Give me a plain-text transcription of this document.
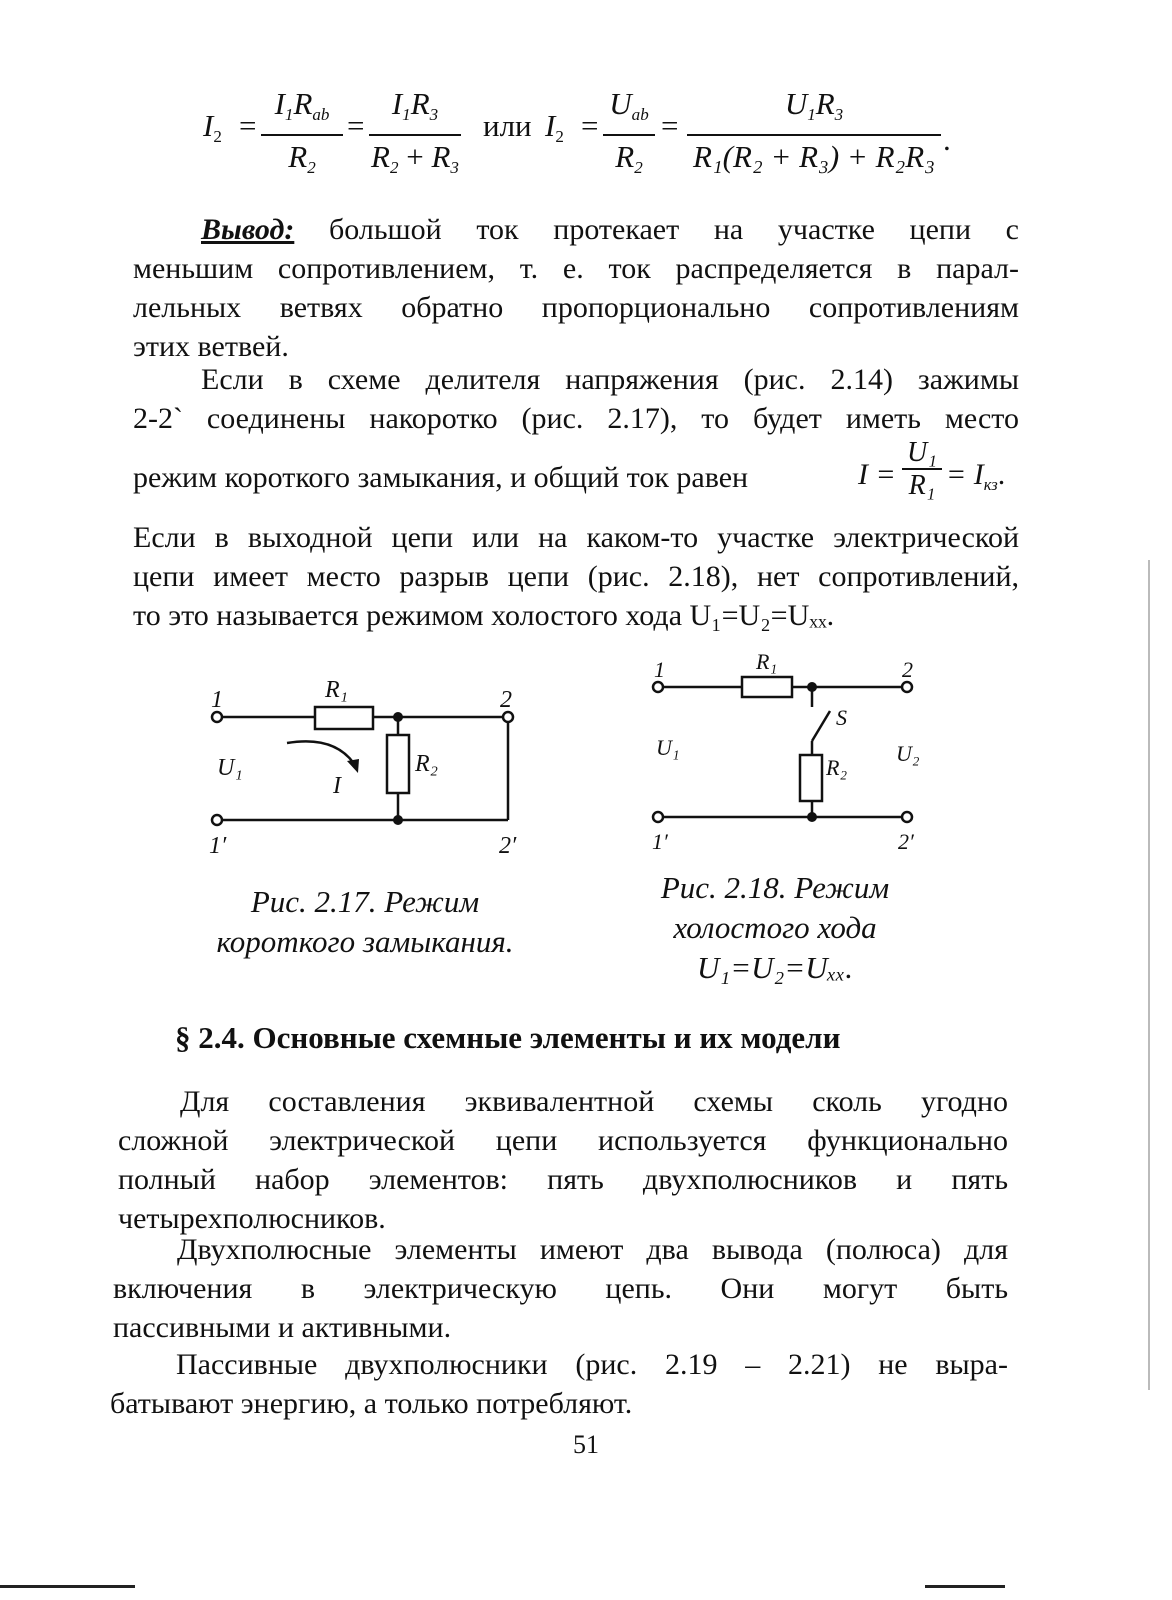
$I_2$ =
$I_1R_{ab}$
$R_2$
=
$I_1R_3$
$R_2 + R_3$
или $I_2$ =
$U_{ab}$
$R_2$
=
$U_1R_3$
R₁(R₂ + R₃) + R₂R₃ .
Вывод: большой ток протекает на участке цепи с
меньшим сопротивлением, т. е. ток распределяется в парал-
лельных ветвях обратно пропорционально сопротивлениям
этих ветвей.
Если в схеме делителя напряжения (рис. 2.14) зажимы
2-2` соединены накоротко (рис. 2.17), то будет иметь место
режим короткого замыкания, и общий ток равен	I =
U₁
$R_1 = I_{кз}$.
Если в выходной цепи или на каком-то участке электрической
цепи имеет место разрыв цепи (рис. 2.18), нет сопротивлений,
то это называется режимом холостого хода U₁=U₂=Uₓₓ.
1	R₁	2
U₁
I
R₂
1′	2′
Рис. 2.17. Режим
короткого замыкания.
1	R₁	2
S
U₁
R₂
U₂
1′	2′
Рис. 2.18. Режим
холостого хода
U₁=U₂=Uₓₓ.
§ 2.4. Основные схемные элементы и их модели
Для составления эквивалентной схемы сколь угодно
сложной электрической цепи используется функционально
полный набор элементов: пять двухполюсников и пять
четырехполюсников.
Двухполюсные элементы имеют два вывода (полюса) для
включения в электрическую цепь. Они могут быть
пассивными и активными.
Пассивные двухполюсники (рис. 2.19 – 2.21) не выра-
батывают энергию, а только потребляют.
51
